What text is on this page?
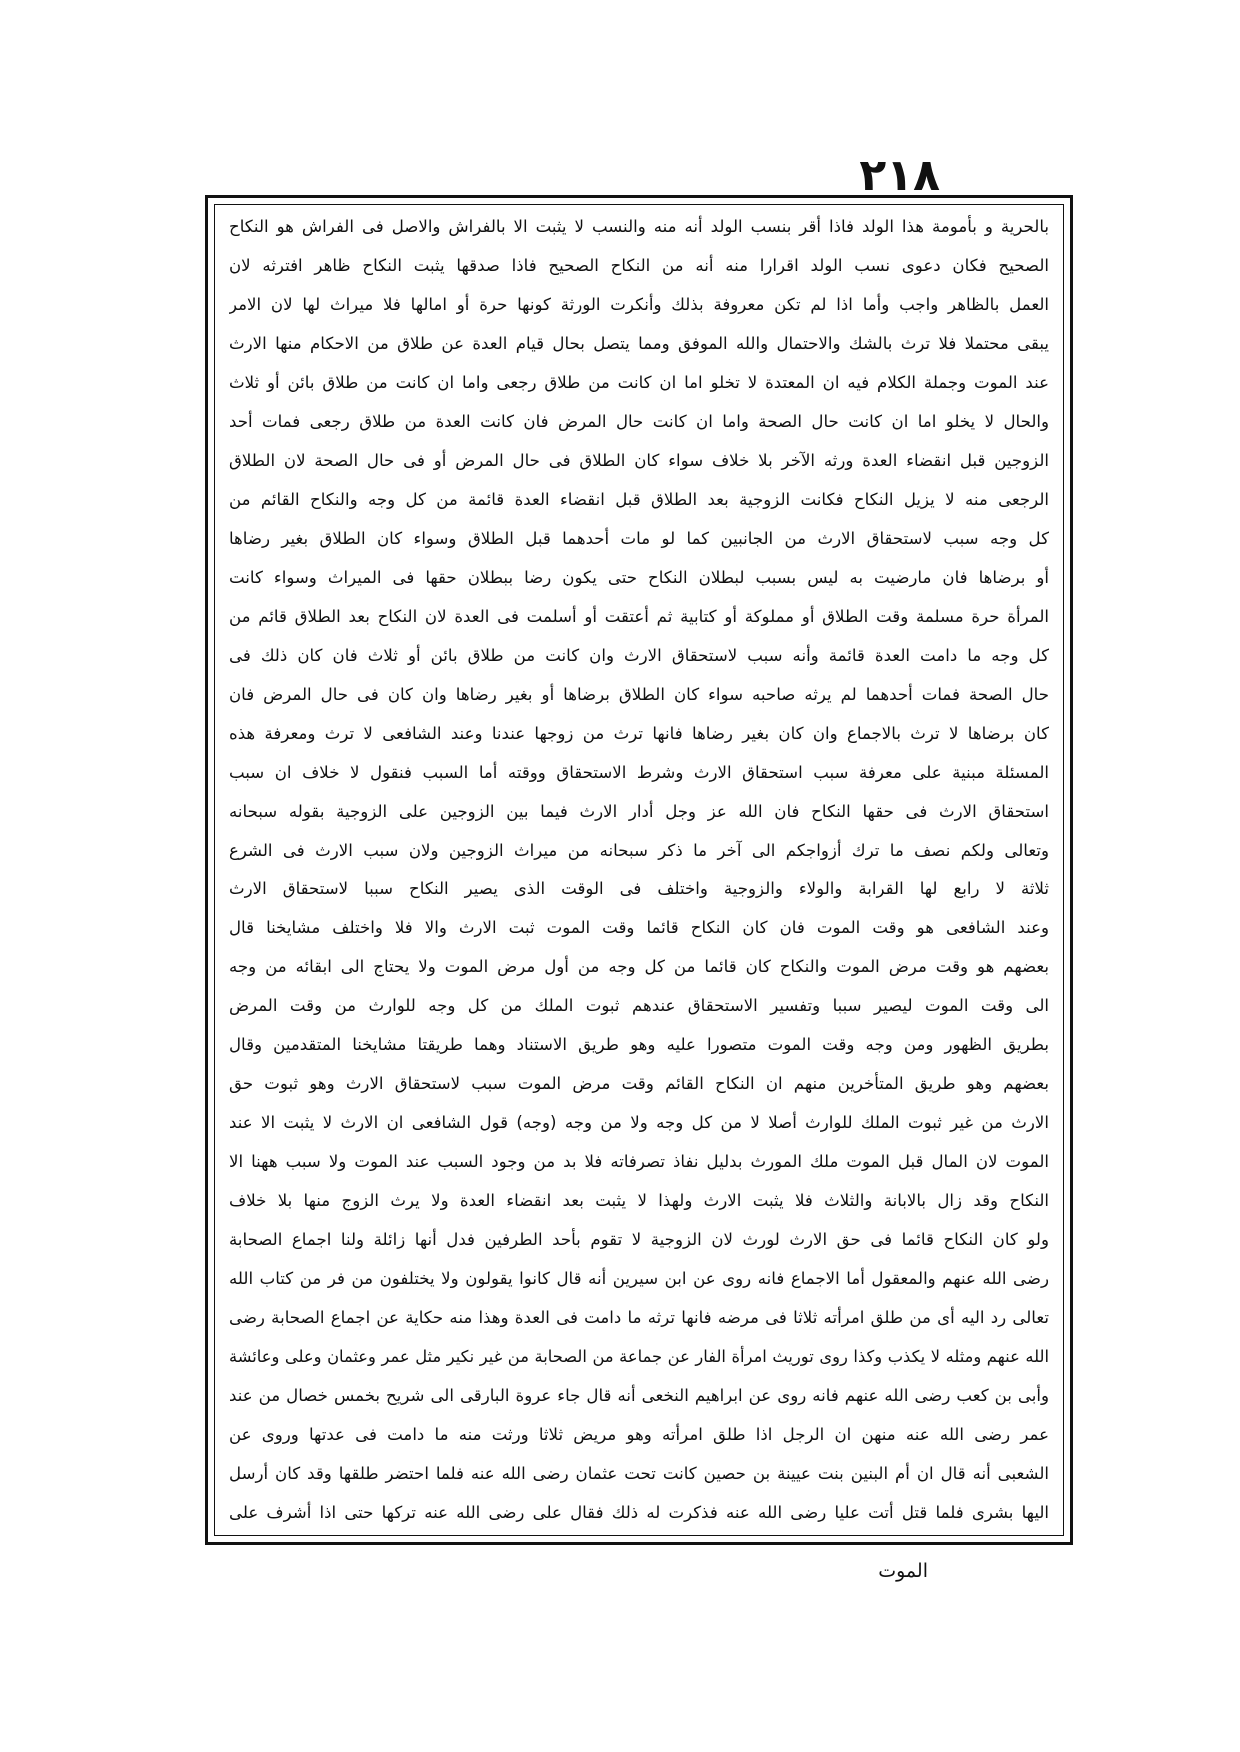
٢١٨
بالحرية و بأمومة هذا الولد فاذا أقر بنسب الولد أنه منه والنسب لا يثبت الا بالفراش والاصل فى الفراش هو النكاح
الصحيح فكان دعوى نسب الولد اقرارا منه أنه من النكاح الصحيح فاذا صدقها يثبت النكاح ظاهر افترثه لان
العمل بالظاهر واجب وأما اذا لم تكن معروفة بذلك وأنكرت الورثة كونها حرة أو امالها فلا ميراث لها لان الامر
يبقى محتملا فلا ترث بالشك والاحتمال والله الموفق ومما يتصل بحال قيام العدة عن طلاق من الاحكام منها الارث
عند الموت وجملة الكلام فيه ان المعتدة لا تخلو اما ان كانت من طلاق رجعى واما ان كانت من طلاق بائن أو ثلاث
والحال لا يخلو اما ان كانت حال الصحة واما ان كانت حال المرض فان كانت العدة من طلاق رجعى فمات أحد
الزوجين قبل انقضاء العدة ورثه الآخر بلا خلاف سواء كان الطلاق فى حال المرض أو فى حال الصحة لان الطلاق
الرجعى منه لا يزيل النكاح فكانت الزوجية بعد الطلاق قبل انقضاء العدة قائمة من كل وجه والنكاح القائم من
كل وجه سبب لاستحقاق الارث من الجانبين كما لو مات أحدهما قبل الطلاق وسواء كان الطلاق بغير رضاها
أو برضاها فان مارضيت به ليس بسبب لبطلان النكاح حتى يكون رضا ببطلان حقها فى الميراث وسواء كانت
المرأة حرة مسلمة وقت الطلاق أو مملوكة أو كتابية ثم أعتقت أو أسلمت فى العدة لان النكاح بعد الطلاق قائم من
كل وجه ما دامت العدة قائمة وأنه سبب لاستحقاق الارث وان كانت من طلاق بائن أو ثلاث فان كان ذلك فى
حال الصحة فمات أحدهما لم يرثه صاحبه سواء كان الطلاق برضاها أو بغير رضاها وان كان فى حال المرض فان
كان برضاها لا ترث بالاجماع وان كان بغير رضاها فانها ترث من زوجها عندنا وعند الشافعى لا ترث ومعرفة هذه
المسئلة مبنية على معرفة سبب استحقاق الارث وشرط الاستحقاق ووقته أما السبب فنقول لا خلاف ان سبب
استحقاق الارث فى حقها النكاح فان الله عز وجل أدار الارث فيما بين الزوجين على الزوجية بقوله سبحانه
وتعالى ولكم نصف ما ترك أزواجكم الى آخر ما ذكر سبحانه من ميراث الزوجين ولان سبب الارث فى الشرع
ثلاثة لا رابع لها القرابة والولاء والزوجية واختلف فى الوقت الذى يصير النكاح سببا لاستحقاق الارث
وعند الشافعى هو وقت الموت فان كان النكاح قائما وقت الموت ثبت الارث والا فلا واختلف مشايخنا قال
بعضهم هو وقت مرض الموت والنكاح كان قائما من كل وجه من أول مرض الموت ولا يحتاج الى ابقائه من وجه
الى وقت الموت ليصير سببا وتفسير الاستحقاق عندهم ثبوت الملك من كل وجه للوارث من وقت المرض
بطريق الظهور ومن وجه وقت الموت متصورا عليه وهو طريق الاستناد وهما طريقتا مشايخنا المتقدمين وقال
بعضهم وهو طريق المتأخرين منهم ان النكاح القائم وقت مرض الموت سبب لاستحقاق الارث وهو ثبوت حق
الارث من غير ثبوت الملك للوارث أصلا لا من كل وجه ولا من وجه (وجه) قول الشافعى ان الارث لا يثبت الا عند
الموت لان المال قبل الموت ملك المورث بدليل نفاذ تصرفاته فلا بد من وجود السبب عند الموت ولا سبب ههنا الا
النكاح وقد زال بالابانة والثلاث فلا يثبت الارث ولهذا لا يثبت بعد انقضاء العدة ولا يرث الزوج منها بلا خلاف
ولو كان النكاح قائما فى حق الارث لورث لان الزوجية لا تقوم بأحد الطرفين فدل أنها زائلة ولنا اجماع الصحابة
رضى الله عنهم والمعقول أما الاجماع فانه روى عن ابن سيرين أنه قال كانوا يقولون ولا يختلفون من فر من كتاب الله
تعالى رد اليه أى من طلق امرأته ثلاثا فى مرضه فانها ترثه ما دامت فى العدة وهذا منه حكاية عن اجماع الصحابة رضى
الله عنهم ومثله لا يكذب وكذا روى توريث امرأة الفار عن جماعة من الصحابة من غير نكير مثل عمر وعثمان وعلى وعائشة
وأبى بن كعب رضى الله عنهم فانه روى عن ابراهيم النخعى أنه قال جاء عروة البارقى الى شريح بخمس خصال من عند
عمر رضى الله عنه منهن ان الرجل اذا طلق امرأته وهو مريض ثلاثا ورثت منه ما دامت فى عدتها وروى عن
الشعبى أنه قال ان أم البنين بنت عيينة بن حصين كانت تحت عثمان رضى الله عنه فلما احتضر طلقها وقد كان أرسل
اليها بشرى فلما قتل أتت عليا رضى الله عنه فذكرت له ذلك فقال على رضى الله عنه تركها حتى اذا أشرف على
الموت
